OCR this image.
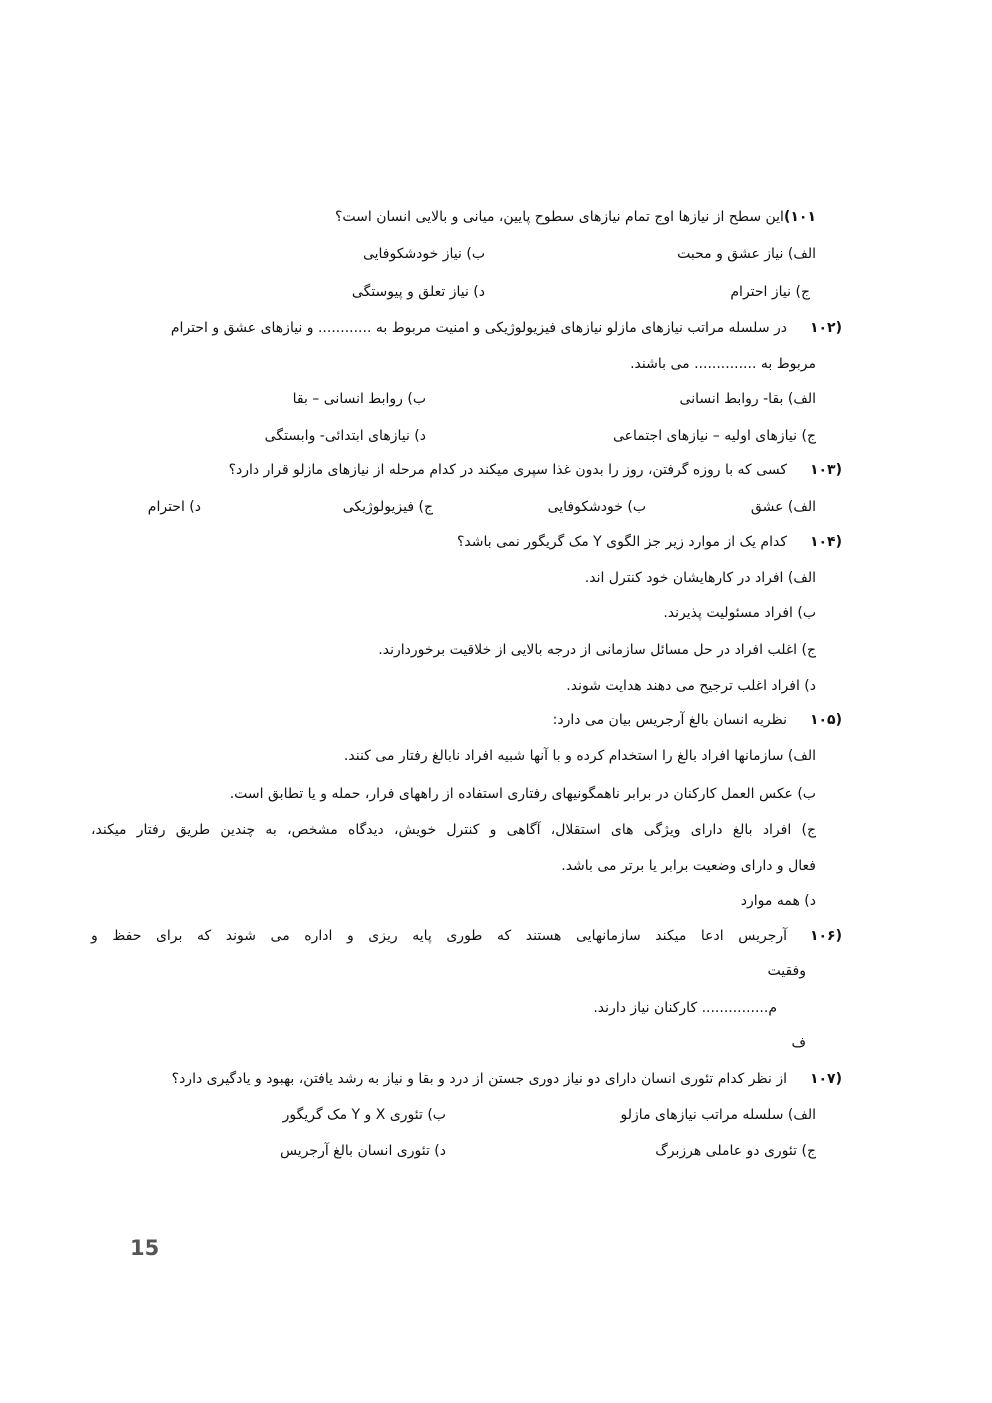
۱۰۱)این سطح از نیازها اوج تمام نیازهای سطوح پایین، میانی و بالایی انسان است؟
الف) نیاز عشق و محبت
ب) نیاز خودشکوفایی
ج) نیاز احترام
د) نیاز تعلق و پیوستگی
۱۰۲)
در سلسله مراتب نیازهای مازلو نیازهای فیزیولوژیکی و امنیت مربوط به ............ و نیازهای عشق و احترام
مربوط به .............. می باشند.
الف) بقا- روابط انسانی
ب) روابط انسانی – بقا
ج) نیازهای اولیه – نیازهای اجتماعی
د) نیازهای ابتدائی- وابستگی
۱۰۳)
کسی که با روزه گرفتن، روز را بدون غذا سپری میکند در کدام مرحله از نیازهای مازلو قرار دارد؟
الف) عشق
ب) خودشکوفایی
ج) فیزیولوژیکی
د) احترام
۱۰۴)
کدام یک از موارد زیر جز الگوی Y مک گریگور نمی باشد؟
الف) افراد در کارهایشان خود کنترل اند.
ب) افراد مسئولیت پذیرند.
ج) اغلب افراد در حل مسائل سازمانی از درجه بالایی از خلاقیت برخوردارند.
د) افراد اغلب ترجیح می دهند هدایت شوند.
۱۰۵)
نظریه انسان بالغ آرجریس بیان می دارد:
الف) سازمانها افراد بالغ را استخدام کرده و با آنها شبیه افراد نابالغ رفتار می کنند.
ب) عکس العمل کارکنان در برابر ناهمگونیهای رفتاری استفاده از راههای فرار، حمله و یا تطابق است.
ج) افراد بالغ دارای ویژگی های استقلال، آگاهی و کنترل خویش، دیدگاه مشخص، به چندین طریق رفتار میکند،
فعال و دارای وضعیت برابر یا برتر می باشد.
د) همه موارد
۱۰۶)
آرجریس ادعا میکند سازمانهایی هستند که طوری پایه ریزی و اداره می شوند که برای حفظ و
وفقیت
م............... کارکنان نیاز دارند.
ف
۱۰۷)
از نظر کدام تئوری انسان دارای دو نیاز دوری جستن از درد و بقا و نیاز به رشد یافتن، بهبود و یادگیری دارد؟
الف) سلسله مراتب نیازهای مازلو
ب) تئوری X و Y مک گریگور
ج) تئوری دو عاملی هرزبرگ
د) تئوری انسان بالغ آرجریس
15
